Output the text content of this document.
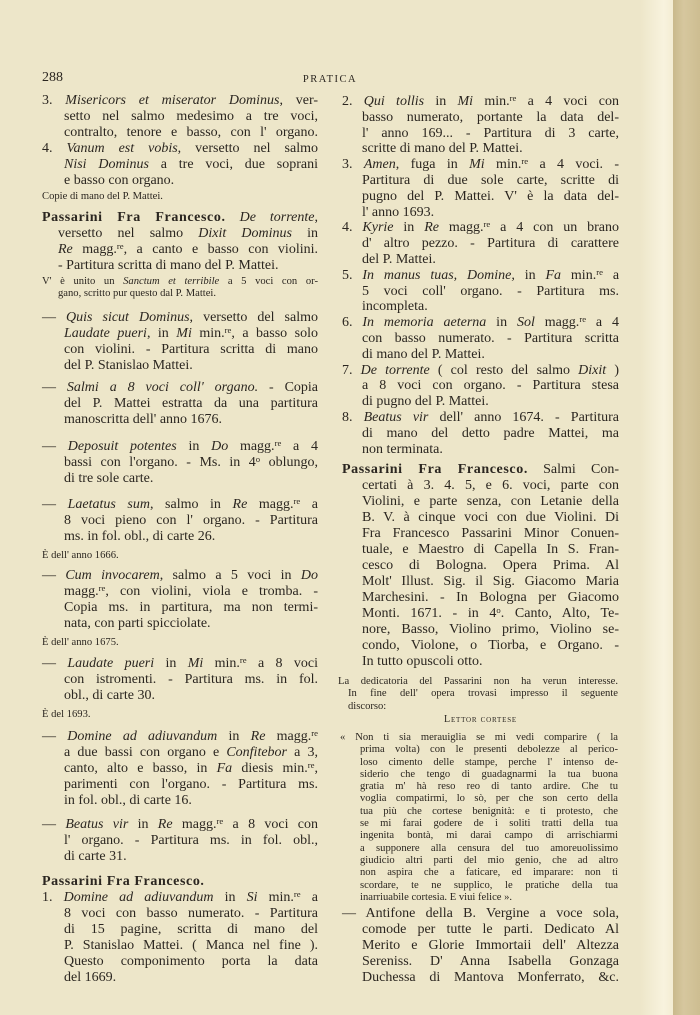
288	PRATICA
3. Misericors et miserator Dominus, ver-
setto nel salmo medesimo a tre voci,
contralto, tenore e basso, con l' organo.
4. Vanum est vobis, versetto nel salmo
Nisi Dominus a tre voci, due soprani
e basso con organo.
Copie di mano del P. Mattei.
Passarini Fra Francesco. De torrente,
versetto nel salmo Dixit Dominus in
Re magg.$^{re}$, a canto e basso con violini.
- Partitura scritta di mano del P. Mattei.
V' è unito un Sanctum et terribile a 5 voci con or-
gano, scritto pur questo dal P. Mattei.
— Quis sicut Dominus, versetto del salmo
Laudate pueri, in Mi min.$^{re}$, a basso solo
con violini. - Partitura scritta di mano
del P. Stanislao Mattei.
— Salmi a 8 voci coll' organo. - Copia
del P. Mattei estratta da una partitura
manoscritta dell' anno 1676.
— Deposuit potentes in Do magg.$^{re}$ a 4
bassi con l'organo. - Ms. in 4$^o$ oblungo,
di tre sole carte.
— Laetatus sum, salmo in Re magg.$^{re}$ a
8 voci pieno con l' organo. - Partitura
ms. in fol. obl., di carte 26.
È dell' anno 1666.
— Cum invocarem, salmo a 5 voci in Do
magg.$^{re}$, con violini, viola e tromba. -
Copia ms. in partitura, ma non termi-
nata, con parti spicciolate.
È dell' anno 1675.
— Laudate pueri in Mi min.$^{re}$ a 8 voci
con istromenti. - Partitura ms. in fol.
obl., di carte 30.
È del 1693.
— Domine ad adiuvandum in Re magg.$^{re}$
a due bassi con organo e Confitebor a 3,
canto, alto e basso, in Fa diesis min.$^{re}$,
parimenti con l'organo. - Partitura ms.
in fol. obl., di carte 16.
— Beatus vir in Re magg.$^{re}$ a 8 voci con
l' organo. - Partitura ms. in fol. obl.,
di carte 31.
Passarini Fra Francesco.
1. Domine ad adiuvandum in Si min.$^{re}$ a
8 voci con basso numerato. - Partitura
di 15 pagine, scritta di mano del
P. Stanislao Mattei. ( Manca nel fine ).
Questo componimento porta la data
del 1669.
2. Qui tollis in Mi min.$^{re}$ a 4 voci con
basso numerato, portante la data del-
l' anno 169... - Partitura di 3 carte,
scritte di mano del P. Mattei.
3. Amen, fuga in Mi min.$^{re}$ a 4 voci. -
Partitura di due sole carte, scritte di
pugno del P. Mattei. V' è la data del-
l' anno 1693.
4. Kyrie in Re magg.$^{re}$ a 4 con un brano
d' altro pezzo. - Partitura di carattere
del P. Mattei.
5. In manus tuas, Domine, in Fa min.$^{re}$ a
5 voci coll' organo. - Partitura ms.
incompleta.
6. In memoria aeterna in Sol magg.$^{re}$ a 4
con basso numerato. - Partitura scritta
di mano del P. Mattei.
7. De torrente ( col resto del salmo Dixit )
a 8 voci con organo. - Partitura stesa
di pugno del P. Mattei.
8. Beatus vir dell' anno 1674. - Partitura
di mano del detto padre Mattei, ma
non terminata.
Passarini Fra Francesco. Salmi Con-
certati à 3. 4. 5, e 6. voci, parte con
Violini, e parte senza, con Letanie della
B. V. à cinque voci con due Violini. Di
Fra Francesco Passarini Minor Conuen-
tuale, e Maestro di Capella In S. Fran-
cesco di Bologna. Opera Prima. Al
Molt' Illust. Sig. il Sig. Giacomo Maria
Marchesini. - In Bologna per Giacomo
Monti. 1671. - in 4$^o$. Canto, Alto, Te-
nore, Basso, Violino primo, Violino se-
condo, Violone, o Tiorba, e Organo. -
In tutto opuscoli otto.
La dedicatoria del Passarini non ha verun interesse.
In fine dell' opera trovasi impresso il seguente
discorso:
Lettor cortese
« Non ti sia merauiglia se mi vedi comparire ( la
prima volta) con le presenti debolezze al perico-
loso cimento delle stampe, perche l' intenso de-
siderio che tengo di guadagnarmi la tua buona
gratia m' hà reso reo di tanto ardire. Che tu
voglia compatirmi, lo sò, per che son certo della
tua più che cortese benignità: e ti protesto, che
se mi farai godere de i soliti tratti della tua
ingenita bontà, mi darai campo di arrischiarmi
a supponere alla censura del tuo amoreuolissimo
giudicio altri parti del mio genio, che ad altro
non aspira che a faticare, ed imparare: non ti
scordare, te ne supplico, le pratiche della tua
inarriuabile cortesia. E viui felice ».
— Antifone della B. Vergine a voce sola,
comode per tutte le parti. Dedicato Al
Merito e Glorie Immortaii dell' Altezza
Sereniss. D' Anna Isabella Gonzaga
Duchessa di Mantova Monferrato, &c.
